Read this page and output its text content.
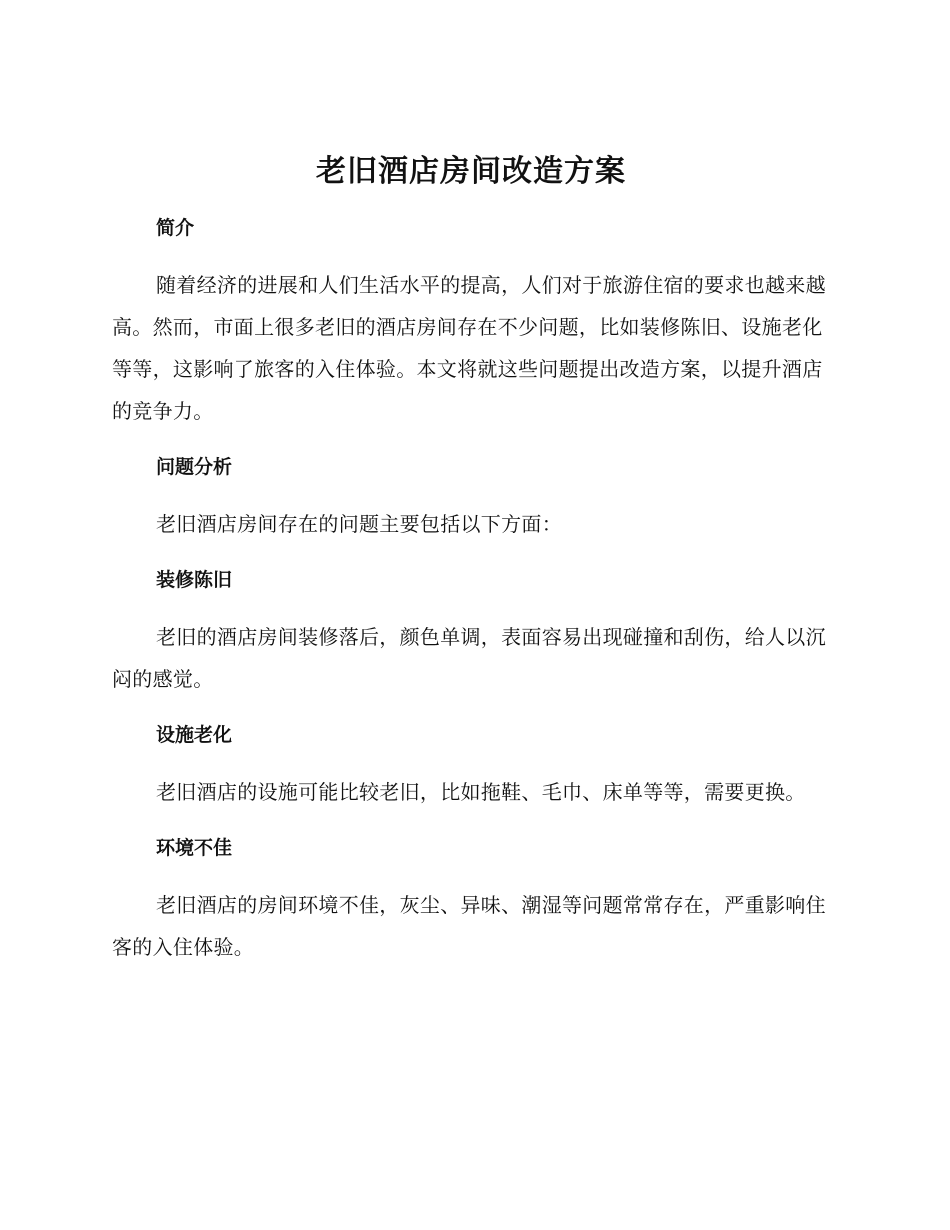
老旧酒店房间改造方案
简介

随着经济的进展和人们生活水平的提高，人们对于旅游住宿的要求也越来越高。然而，市面上很多老旧的酒店房间存在不少问题，比如装修陈旧、设施老化等等，这影响了旅客的入住体验。本文将就这些问题提出改造方案，以提升酒店的竞争力。

问题分析

老旧酒店房间存在的问题主要包括以下方面：

装修陈旧

老旧的酒店房间装修落后，颜色单调，表面容易出现碰撞和刮伤，给人以沉闷的感觉。

设施老化

老旧酒店的设施可能比较老旧，比如拖鞋、毛巾、床单等等，需要更换。

环境不佳

老旧酒店的房间环境不佳，灰尘、异味、潮湿等问题常常存在，严重影响住客的入住体验。
